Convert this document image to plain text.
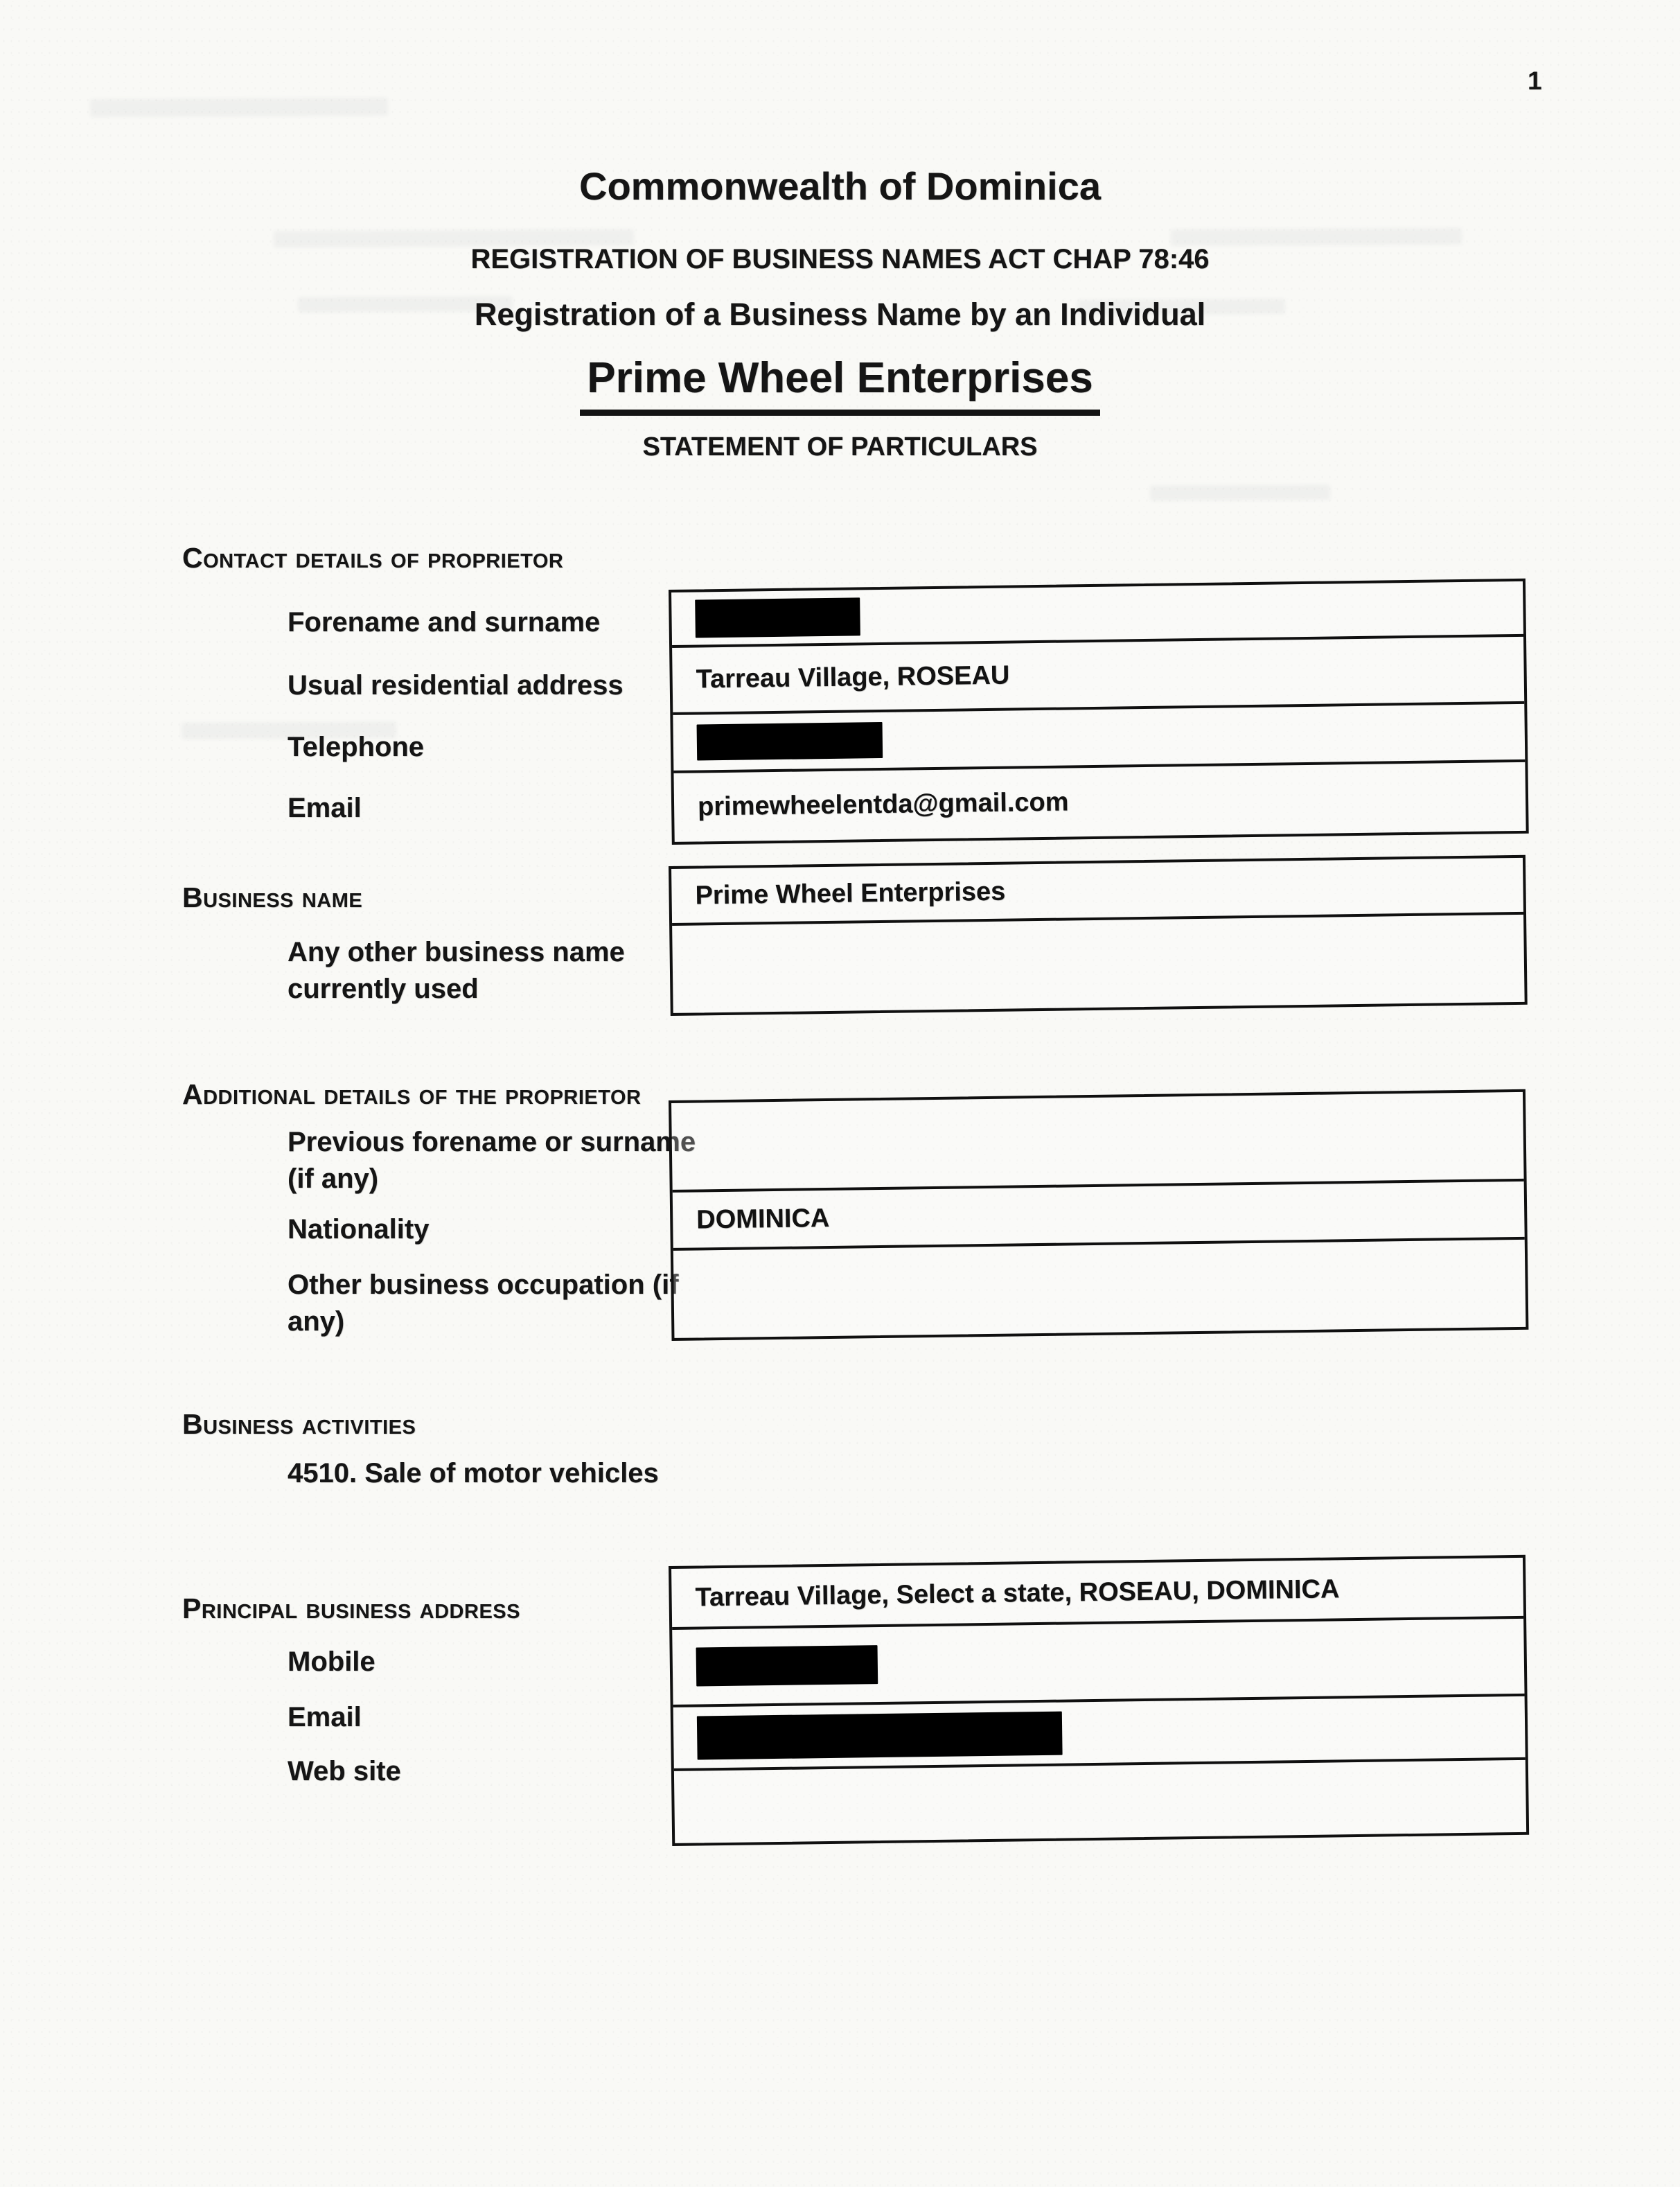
1
Commonwealth of Dominica
REGISTRATION OF BUSINESS NAMES ACT CHAP 78:46
Registration of a Business Name by an Individual
Prime Wheel Enterprises
STATEMENT OF PARTICULARS
Contact details of proprietor
Forename and surname
Usual residential address
Telephone
Email
Tarreau Village, ROSEAU
primewheelentda@gmail.com
Business name
Any other business name currently used
Prime Wheel Enterprises
Additional details of the proprietor
Previous forename or surname (if any)
Nationality
Other business occupation (if any)
DOMINICA
Business activities
4510. Sale of motor vehicles
Principal business address
Mobile
Email
Web site
Tarreau Village, Select a state, ROSEAU, DOMINICA
